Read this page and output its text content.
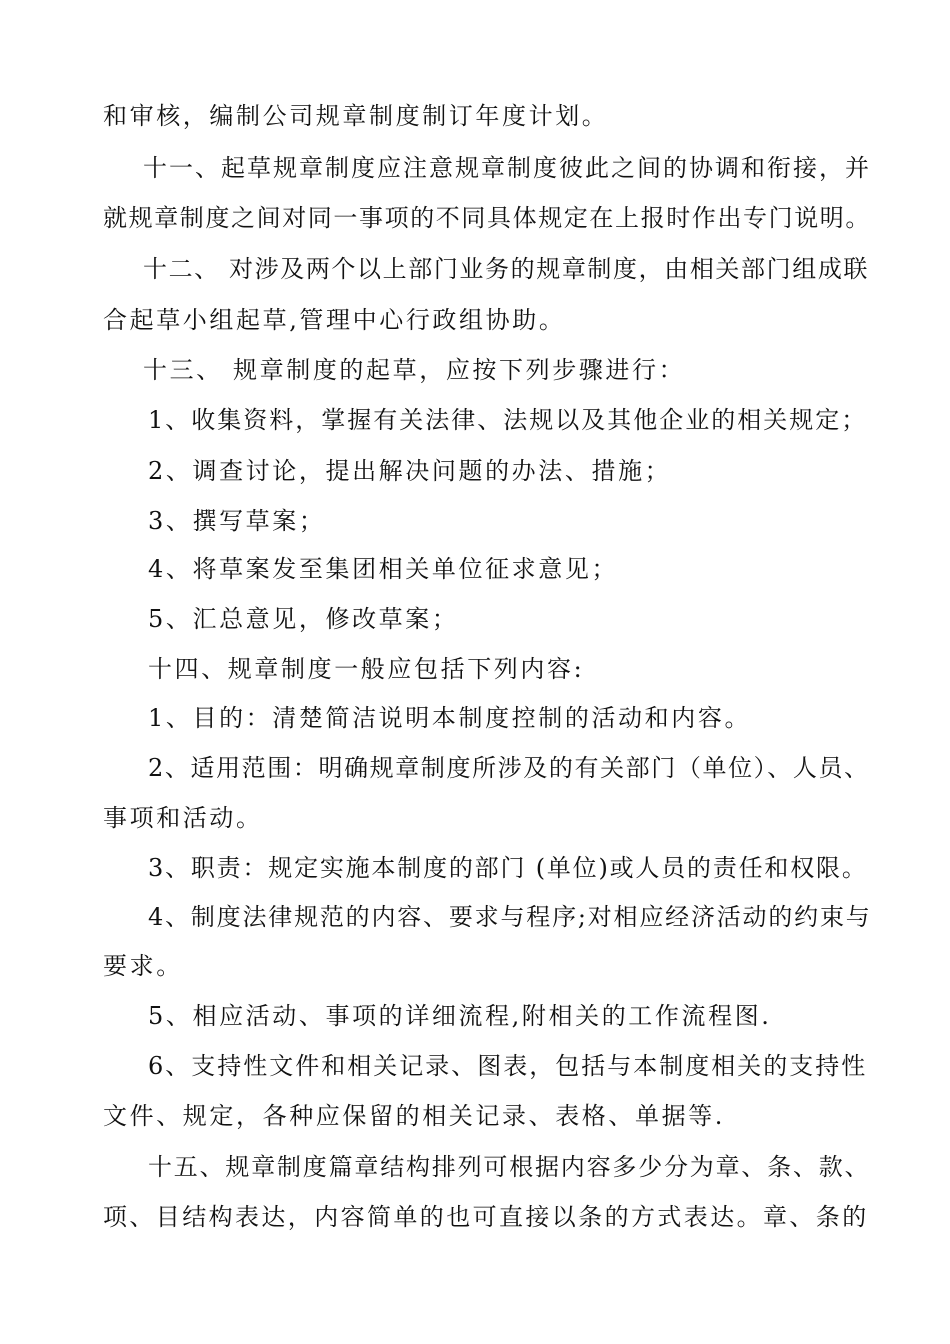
和审核，编制公司规章制度制订年度计划。
十一、起草规章制度应注意规章制度彼此之间的协调和衔接，并
就规章制度之间对同一事项的不同具体规定在上报时作出专门说明。
十二、 对涉及两个以上部门业务的规章制度，由相关部门组成联
合起草小组起草,管理中心行政组协助。
十三、 规章制度的起草，应按下列步骤进行：
1、收集资料，掌握有关法律、法规以及其他企业的相关规定；
2、调查讨论，提出解决问题的办法、措施；
3、撰写草案；
4、将草案发至集团相关单位征求意见；
5、汇总意见，修改草案；
十四、规章制度一般应包括下列内容:
1、目的：清楚简洁说明本制度控制的活动和内容。
2、适用范围：明确规章制度所涉及的有关部门（单位）、人员、
事项和活动。
3、职责：规定实施本制度的部门 (单位)或人员的责任和权限。
4、制度法律规范的内容、要求与程序;对相应经济活动的约束与
要求。
5、相应活动、事项的详细流程,附相关的工作流程图.
6、支持性文件和相关记录、图表，包括与本制度相关的支持性
文件、规定，各种应保留的相关记录、表格、单据等.
十五、规章制度篇章结构排列可根据内容多少分为章、条、款、
项、目结构表达，内容简单的也可直接以条的方式表达。章、条的
